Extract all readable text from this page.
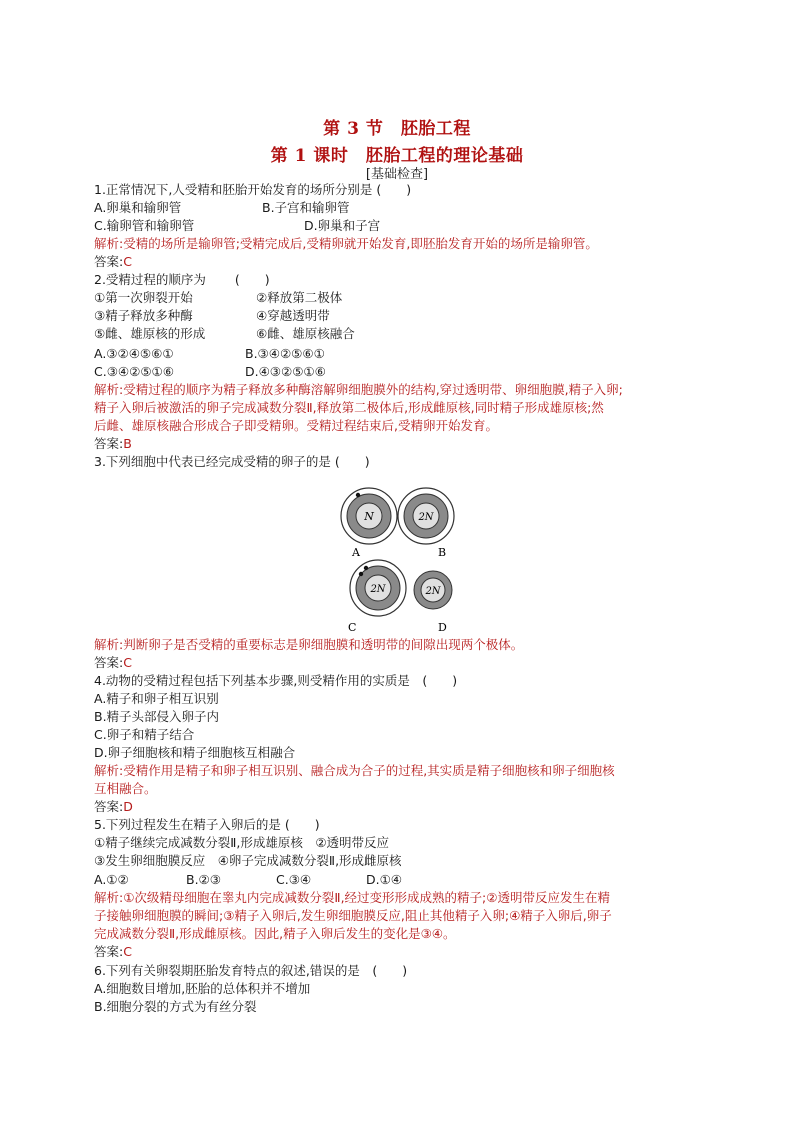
第 3 节　胚胎工程
第 1 课时　胚胎工程的理论基础
[基础检查]
1.正常情况下,人受精和胚胎开始发育的场所分别是 (　　)
A.卵巢和输卵管	B.子宫和输卵管
C.输卵管和输卵管	D.卵巢和子宫
解析:受精的场所是输卵管;受精完成后,受精卵就开始发育,即胚胎发育开始的场所是输卵管。
答案:C
2.受精过程的顺序为　　 (　　)
①第一次卵裂开始	②释放第二极体
③精子释放多种酶	④穿越透明带
⑤雌、雄原核的形成	⑥雌、雄原核融合
A.③②④⑤⑥①	B.③④②⑤⑥①
C.③④②⑤①⑥	D.④③②⑤①⑥
解析:受精过程的顺序为精子释放多种酶溶解卵细胞膜外的结构,穿过透明带、卵细胞膜,精子入卵;
精子入卵后被激活的卵子完成减数分裂Ⅱ,释放第二极体后,形成雌原核,同时精子形成雄原核;然
后雌、雄原核融合形成合子即受精卵。受精过程结束后,受精卵开始发育。
答案:B
3.下列细胞中代表已经完成受精的卵子的是 (　　)
N	2N
A	B
2N	2N
C	D
解析:判断卵子是否受精的重要标志是卵细胞膜和透明带的间隙出现两个极体。
答案:C
4.动物的受精过程包括下列基本步骤,则受精作用的实质是　(　　)
A.精子和卵子相互识别
B.精子头部侵入卵子内
C.卵子和精子结合
D.卵子细胞核和精子细胞核互相融合
解析:受精作用是精子和卵子相互识别、融合成为合子的过程,其实质是精子细胞核和卵子细胞核
互相融合。
答案:D
5.下列过程发生在精子入卵后的是 (　　)
①精子继续完成减数分裂Ⅱ,形成雄原核　②透明带反应
③发生卵细胞膜反应　④卵子完成减数分裂Ⅱ,形成雌原核
A.①②	B.②③	C.③④	D.①④
解析:①次级精母细胞在睾丸内完成减数分裂Ⅱ,经过变形形成成熟的精子;②透明带反应发生在精
子接触卵细胞膜的瞬间;③精子入卵后,发生卵细胞膜反应,阻止其他精子入卵;④精子入卵后,卵子
完成减数分裂Ⅱ,形成雌原核。因此,精子入卵后发生的变化是③④。
答案:C
6.下列有关卵裂期胚胎发育特点的叙述,错误的是　(　　)
A.细胞数目增加,胚胎的总体积并不增加
B.细胞分裂的方式为有丝分裂
